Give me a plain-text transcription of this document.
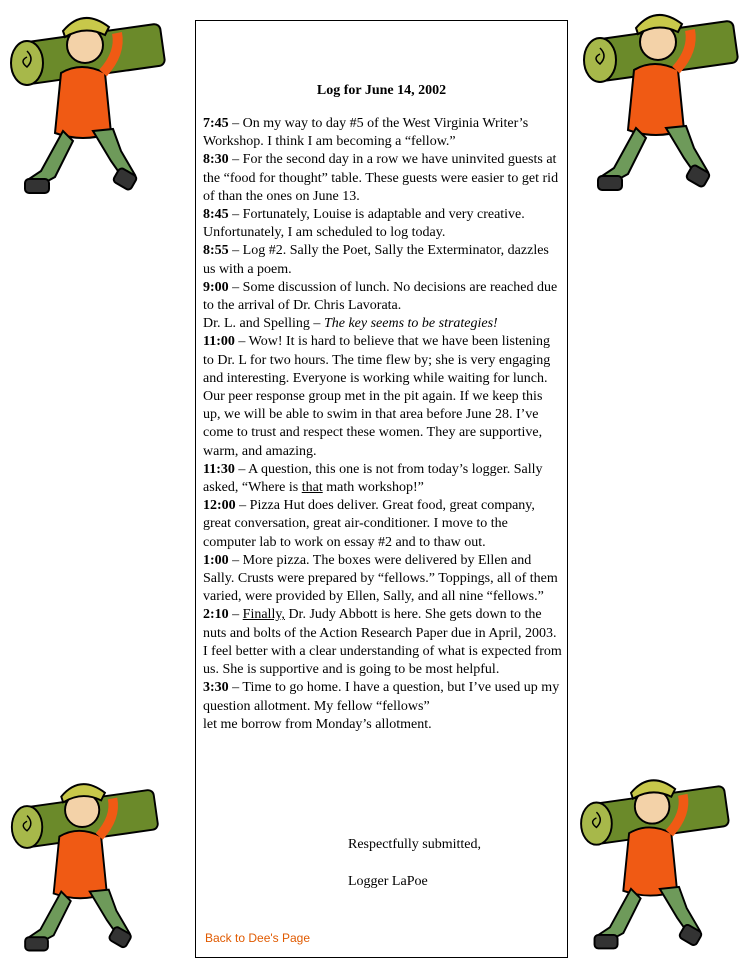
Log for June 14, 2002
7:45 – On my way to day #5 of the West Virginia Writer’s Workshop. I think I am becoming a “fellow.”
8:30 – For the second day in a row we have uninvited guests at the “food for thought” table. These guests were easier to get rid of than the ones on June 13.
8:45 – Fortunately, Louise is adaptable and very creative. Unfortunately, I am scheduled to log today.
8:55 – Log #2. Sally the Poet, Sally the Exterminator, dazzles us with a poem.
9:00 – Some discussion of lunch. No decisions are reached due to the arrival of Dr. Chris Lavorata.
Dr. L. and Spelling – The key seems to be strategies!
11:00 – Wow! It is hard to believe that we have been listening to Dr. L for two hours. The time flew by; she is very engaging and interesting. Everyone is working while waiting for lunch. Our peer response group met in the pit again. If we keep this up, we will be able to swim in that area before June 28. I’ve come to trust and respect these women. They are supportive, warm, and amazing.
11:30 – A question, this one is not from today’s logger. Sally asked, “Where is that math workshop!”
12:00 – Pizza Hut does deliver. Great food, great company, great conversation, great air-conditioner. I move to the computer lab to work on essay #2 and to thaw out.
1:00 – More pizza. The boxes were delivered by Ellen and Sally. Crusts were prepared by “fellows.” Toppings, all of them varied, were provided by Ellen, Sally, and all nine “fellows.”
2:10 – Finally, Dr. Judy Abbott is here. She gets down to the nuts and bolts of the Action Research Paper due in April, 2003. I feel better with a clear understanding of what is expected from us. She is supportive and is going to be most helpful.
3:30 – Time to go home. I have a question, but I’ve used up my question allotment. My fellow “fellows”
let me borrow from Monday’s allotment.
Respectfully submitted,
Logger LaPoe
Back to Dee's Page
